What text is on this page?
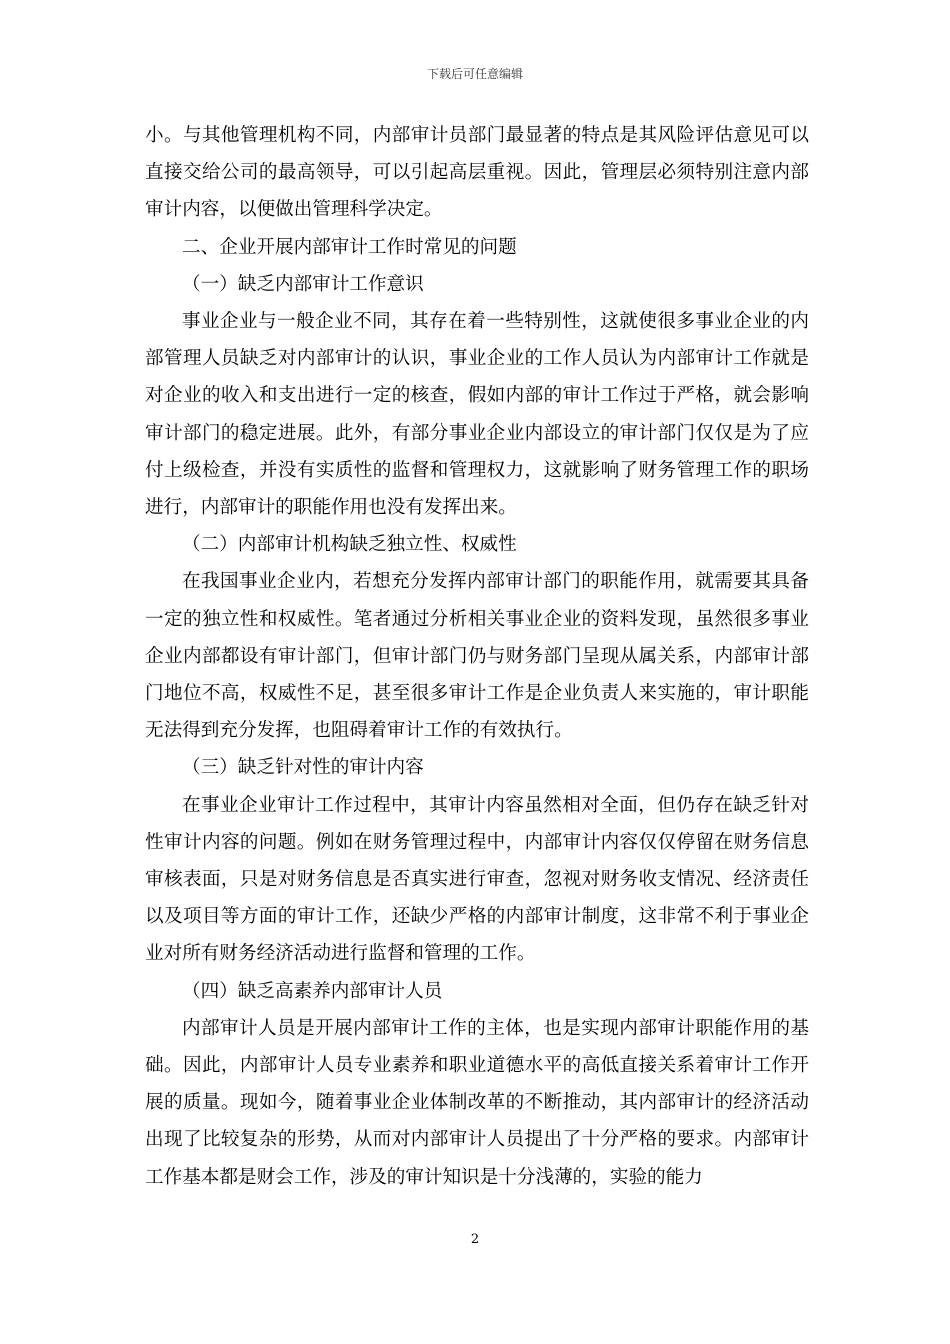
下载后可任意编辑

小。与其他管理机构不同，内部审计员部门最显著的特点是其风险评估意见可以直接交给公司的最高领导，可以引起高层重视。因此，管理层必须特别注意内部审计内容，以便做出管理科学决定。

二、企业开展内部审计工作时常见的问题

（一）缺乏内部审计工作意识

事业企业与一般企业不同，其存在着一些特别性，这就使很多事业企业的内部管理人员缺乏对内部审计的认识，事业企业的工作人员认为内部审计工作就是对企业的收入和支出进行一定的核查，假如内部的审计工作过于严格，就会影响审计部门的稳定进展。此外，有部分事业企业内部设立的审计部门仅仅是为了应付上级检查，并没有实质性的监督和管理权力，这就影响了财务管理工作的职场进行，内部审计的职能作用也没有发挥出来。

（二）内部审计机构缺乏独立性、权威性

在我国事业企业内，若想充分发挥内部审计部门的职能作用，就需要其具备一定的独立性和权威性。笔者通过分析相关事业企业的资料发现，虽然很多事业企业内部都设有审计部门，但审计部门仍与财务部门呈现从属关系，内部审计部门地位不高，权威性不足，甚至很多审计工作是企业负责人来实施的，审计职能无法得到充分发挥，也阻碍着审计工作的有效执行。

（三）缺乏针对性的审计内容

在事业企业审计工作过程中，其审计内容虽然相对全面，但仍存在缺乏针对性审计内容的问题。例如在财务管理过程中，内部审计内容仅仅停留在财务信息审核表面，只是对财务信息是否真实进行审查，忽视对财务收支情况、经济责任以及项目等方面的审计工作，还缺少严格的内部审计制度，这非常不利于事业企业对所有财务经济活动进行监督和管理的工作。

（四）缺乏高素养内部审计人员

内部审计人员是开展内部审计工作的主体，也是实现内部审计职能作用的基础。因此，内部审计人员专业素养和职业道德水平的高低直接关系着审计工作开展的质量。现如今，随着事业企业体制改革的不断推动，其内部审计的经济活动出现了比较复杂的形势，从而对内部审计人员提出了十分严格的要求。内部审计工作基本都是财会工作，涉及的审计知识是十分浅薄的，实验的能力

2
